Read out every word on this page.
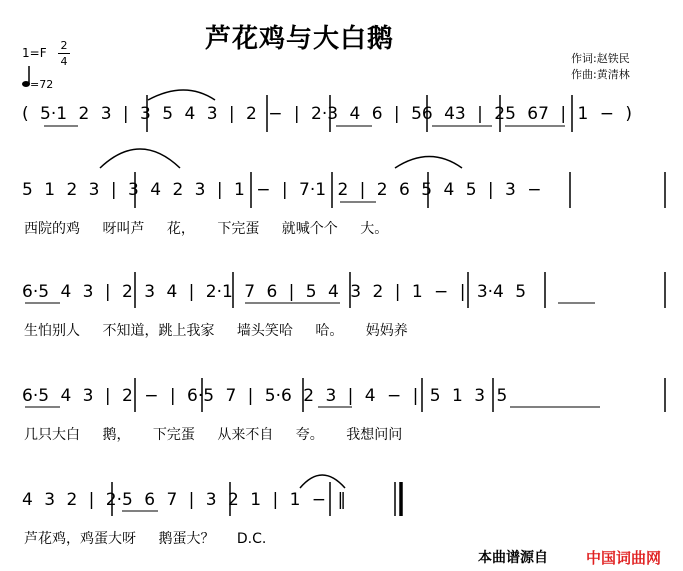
芦花鸡与大白鹅
作词:赵铁民
作曲:黄清林
1=F
2
4
=72
( 5·1 2 3 | 3 5 4 3 | 2 − | 2·3 4 6 | 56 43 | 25 67 | 1 − )
5 1 2 3 | 3 4 2 3 | 1 − | 7·1 2 | 2 6 5 4 5 | 3 −
西院的鸡 呀叫芦 花， 下完蛋 就喊个个 大。
6·5 4 3 | 2 3 4 | 2·1 7 6 | 5 4 3 2 | 1 − | 3·4 5
生怕别人 不知道，跳上我家 墙头笑哈 哈。 妈妈养
6·5 4 3 | 2 − | 6·5 7 | 5·6 2 3 | 4 − | 5 1 3 5
几只大白 鹅， 下完蛋 从来不自 夸。 我想问问
4 3 2 | 2·5 6 7 | 3 2 1 | 1 − ‖
芦花鸡，鸡蛋大呀 鹅蛋大？ D.C.
本曲谱源自	中国词曲网
